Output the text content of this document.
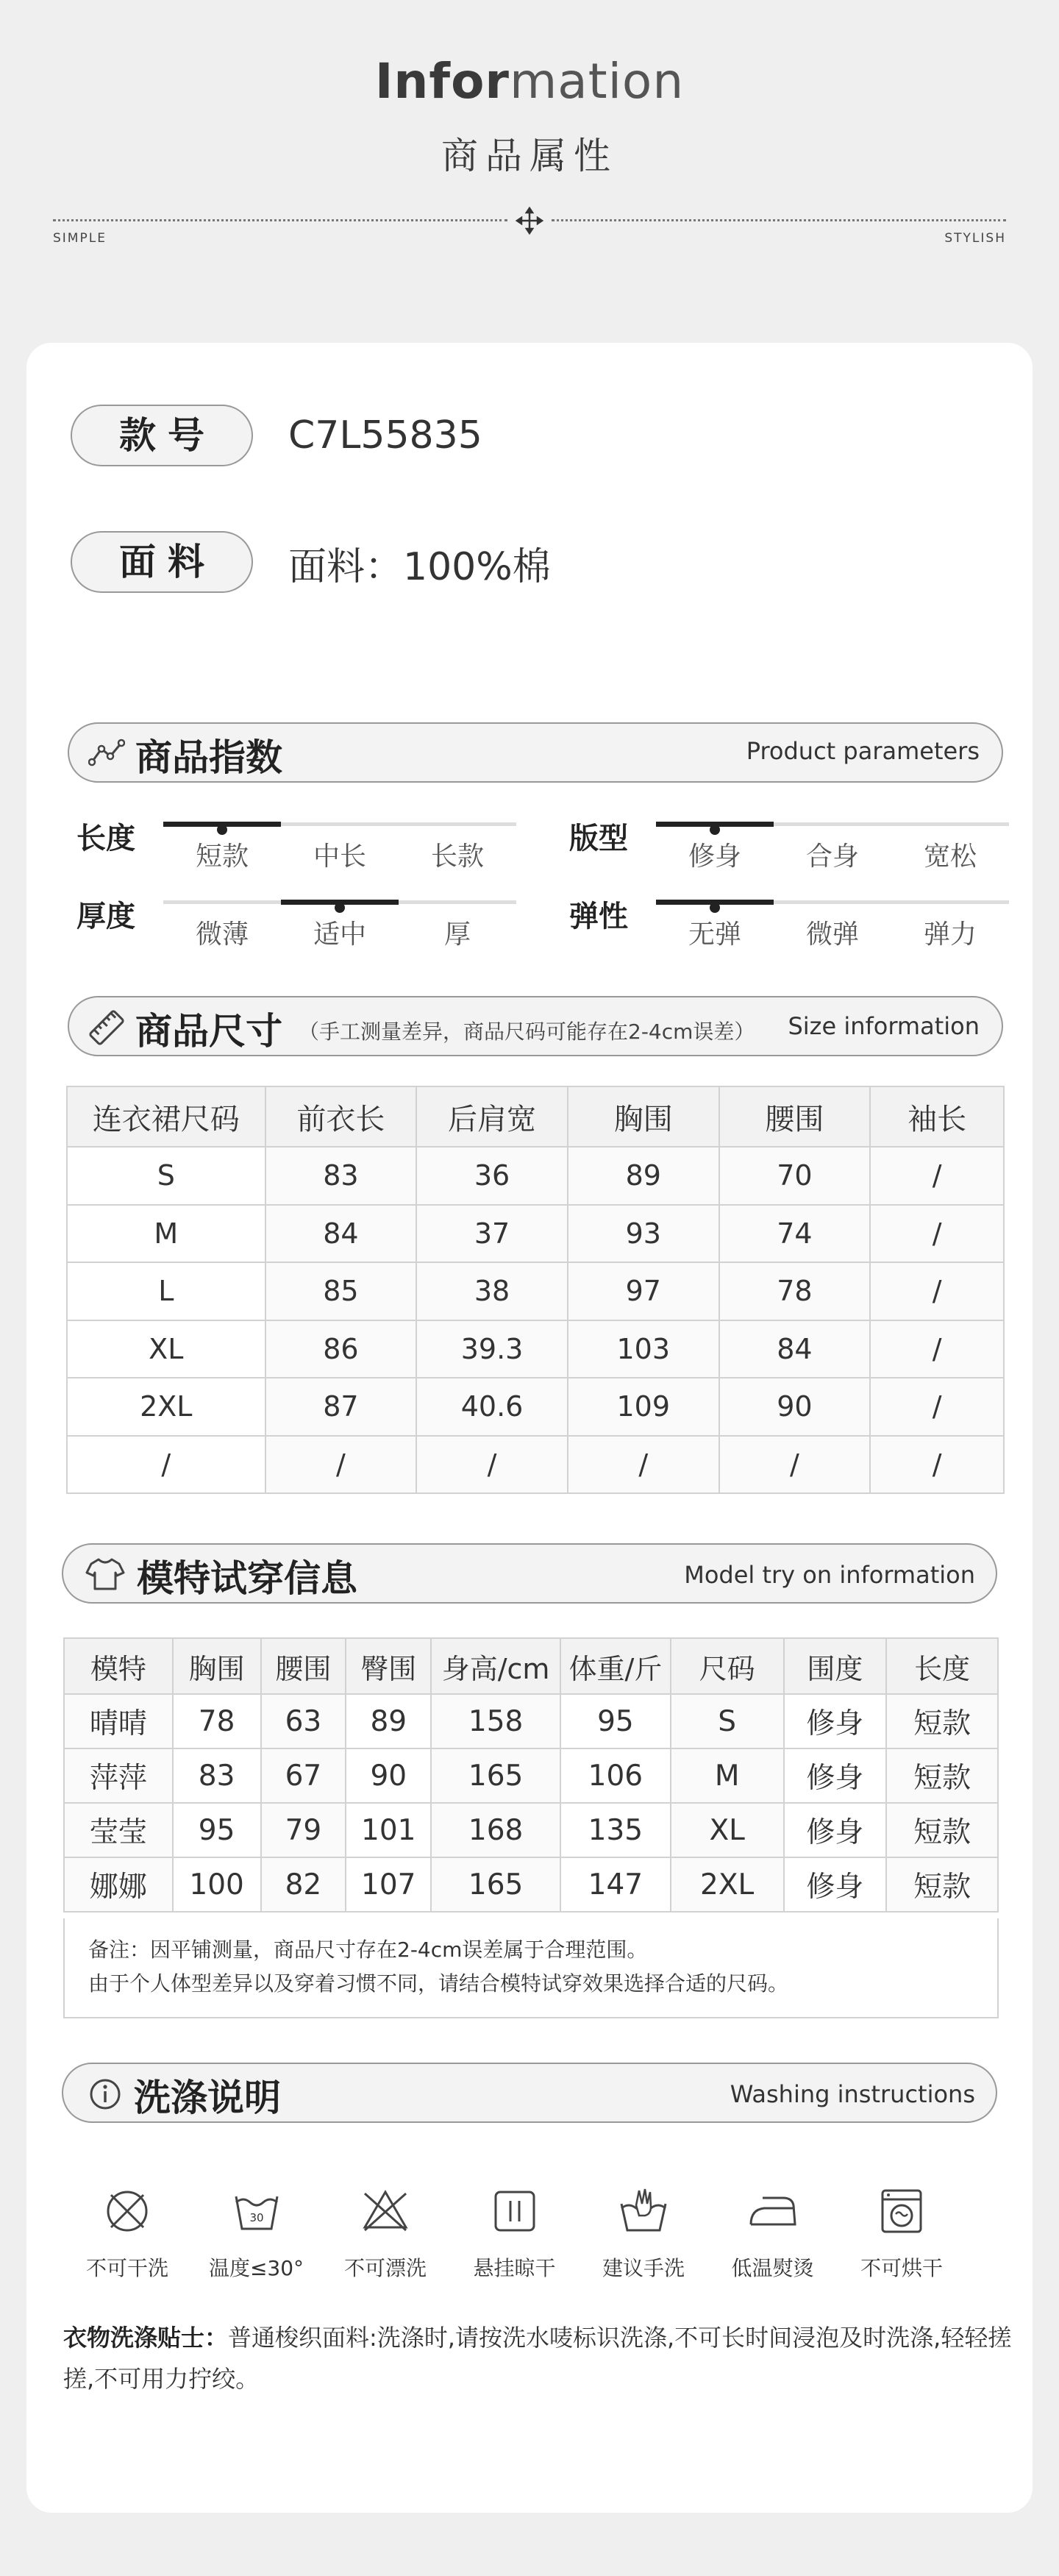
Information
商品属性
SIMPLE	STYLISH
款号	C7L55835
面料	面料：100%棉
商品指数	Product parameters
长度
短款	中长	长款
版型
修身	合身	宽松
厚度
微薄	适中	厚
弹性
无弹	微弹	弹力
商品尺寸 （手工测量差异，商品尺码可能存在2-4cm误差） Size information
连衣裙尺码	前衣长	后肩宽	胸围	腰围	袖长
S	83	36	89	70	/
M	84	37	93	74	/
L	85	38	97	78	/
XL	86	39.3	103	84	/
2XL	87	40.6	109	90	/
/	/	/	/	/	/
模特试穿信息	Model try on information
模特	胸围	腰围	臀围	身高/cm	体重/斤	尺码	围度	长度
晴晴	78	63	89	158	95	S	修身	短款
萍萍	83	67	90	165	106	M	修身	短款
莹莹	95	79	101	168	135	XL	修身	短款
娜娜	100	82	107	165	147	2XL	修身	短款
备注：因平铺测量，商品尺寸存在2-4cm误差属于合理范围。
由于个人体型差异以及穿着习惯不同，请结合模特试穿效果选择合适的尺码。
洗涤说明	Washing instructions
不可干洗
30
温度≤30°	不可漂洗	悬挂晾干	建议手洗	低温熨烫	不可烘干
衣物洗涤贴士：普通梭织面料:洗涤时,请按洗水唛标识洗涤,不可长时间浸泡及时洗涤,轻轻搓搓,不可用力拧绞。
